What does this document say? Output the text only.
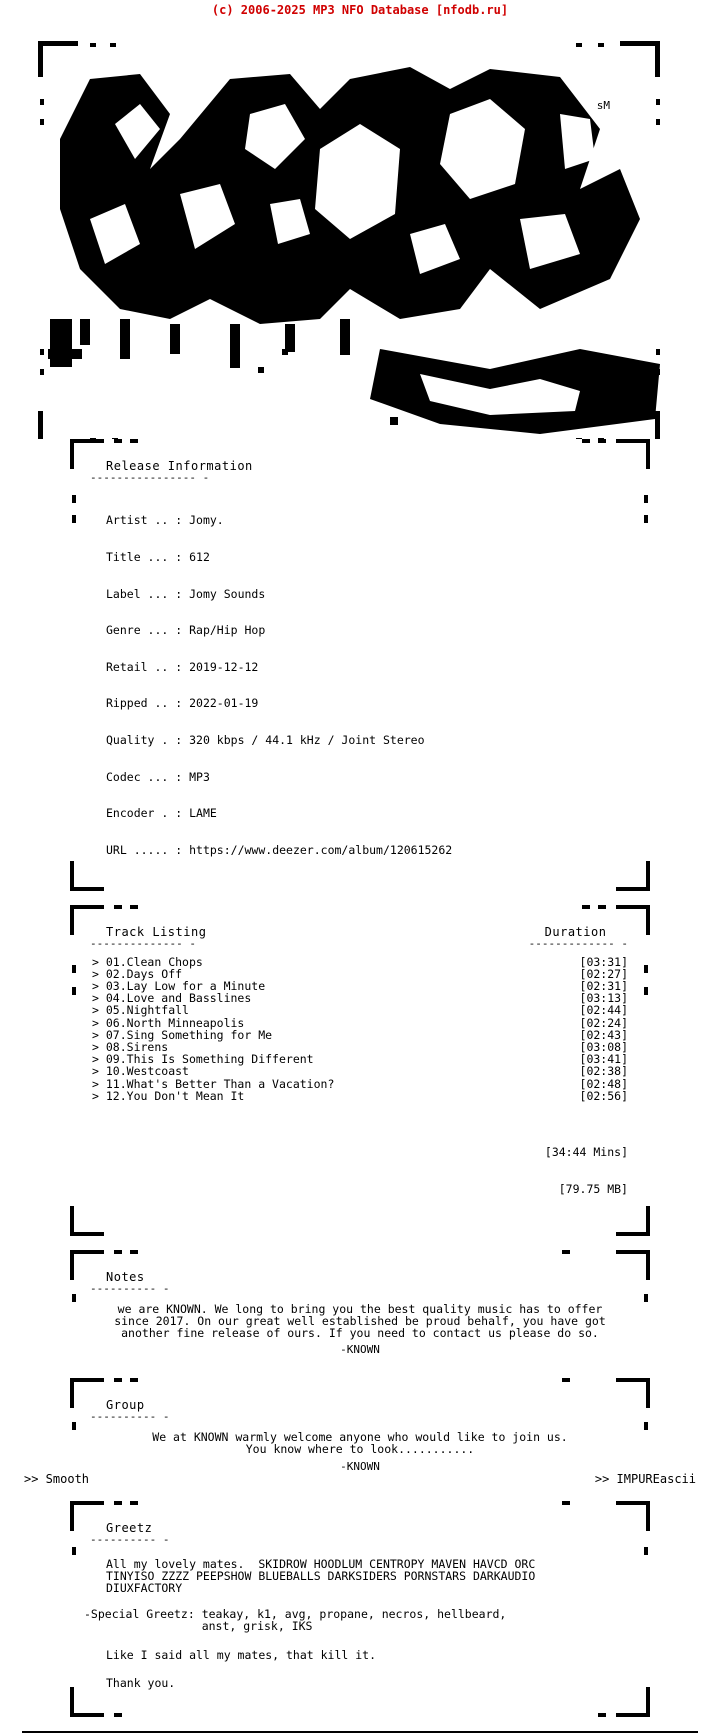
(c) 2006-2025 MP3 NFO Database [nfodb.ru]
sM
Release Information
---------------- -

Artist .. : Jomy.

Title ... : 612

Label ... : Jomy Sounds

Genre ... : Rap/Hip Hop

Retail .. : 2019-12-12

Ripped .. : 2022-01-19

Quality . : 320 kbps / 44.1 kHz / Joint Stereo

Codec ... : MP3

Encoder . : LAME

URL ..... : https://www.deezer.com/album/120615262

Track Listing
-------------- -
Duration
------------- -
> 01.Clean Chops	[03:31]
> 02.Days Off	[02:27]
> 03.Lay Low for a Minute	[02:31]
> 04.Love and Basslines	[03:13]
> 05.Nightfall	[02:44]
> 06.North Minneapolis	[02:24]
> 07.Sing Something for Me	[02:43]
> 08.Sirens	[03:08]
> 09.This Is Something Different	[03:41]
> 10.Westcoast	[02:38]
> 11.What's Better Than a Vacation?	[02:48]
> 12.You Don't Mean It	[02:56]

[34:44 Mins]

[79.75 MB]

Notes
---------- -
we are KNOWN. We long to bring you the best quality music has to offer
since 2017. On our great well established be proud behalf, you have got
another fine release of ours. If you need to contact us please do so.
-KNOWN
Group
---------- -
We at KNOWN warmly welcome anyone who would like to join us.
You know where to look...........
-KNOWN
Greetz
---------- -
All my lovely mates.  SKIDROW HOODLUM CENTROPY MAVEN HAVCD ORC
TINYISO ZZZZ PEEPSHOW BLUEBALLS DARKSIDERS PORNSTARS DARKAUDIO
DIUXFACTORY
-Special Greetz: teakay, k1, avg, propane, necros, hellbeard,
anst, grisk, IKS
Like I said all my mates, that kill it.
Thank you.
>> Smooth	>> IMPUREascii
